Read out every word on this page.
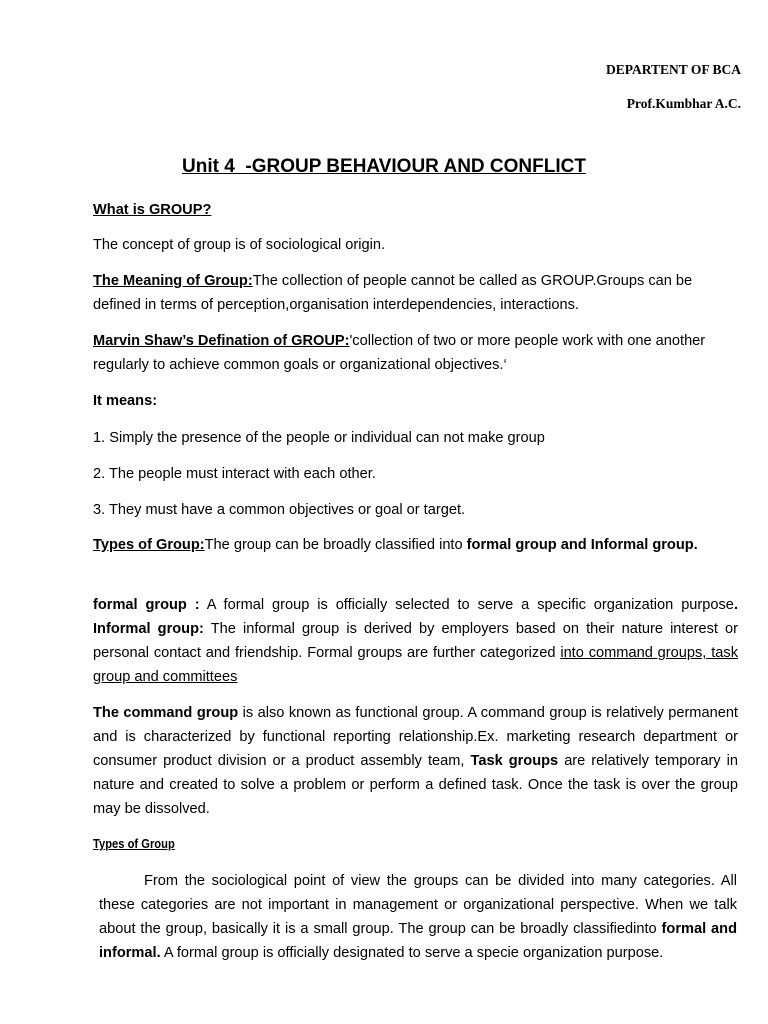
DEPARTENT OF BCA
Prof.Kumbhar A.C.
Unit 4  -GROUP BEHAVIOUR AND CONFLICT
What is GROUP?
The concept of group is of sociological origin.

The Meaning of Group:The collection of people cannot be called as GROUP.Groups can be defined in terms of perception,organisation interdependencies, interactions.

Marvin Shaw’s Defination of GROUP:'collection of two or more people work with one another regularly to achieve common goals or organizational objectives.‘

It means:
1. Simply the presence of the people or individual can not make group
2. The people must interact with each other.
3. They must have a common objectives or goal or target.

Types of Group:The group can be broadly classified into formal group and Informal group.

formal group : A formal group is officially selected to serve a specific organization purpose. Informal group: The informal group is derived by employers based on their nature interest or personal contact and friendship. Formal groups are further categorized into command groups, task group and committees

The command group is also known as functional group. A command group is relatively permanent and is characterized by functional reporting relationship.Ex. marketing research department or consumer product division or a product assembly team, Task groups are relatively temporary in nature and created to solve a problem or perform a defined task. Once the task is over the group may be dissolved.

Types of Group

From the sociological point of view the groups can be divided into many categories. All these categories are not important in management or organizational perspective. When we talk about the group, basically it is a small group. The group can be broadly classifiedinto formal and informal. A formal group is officially designated to serve a specie organization purpose.
